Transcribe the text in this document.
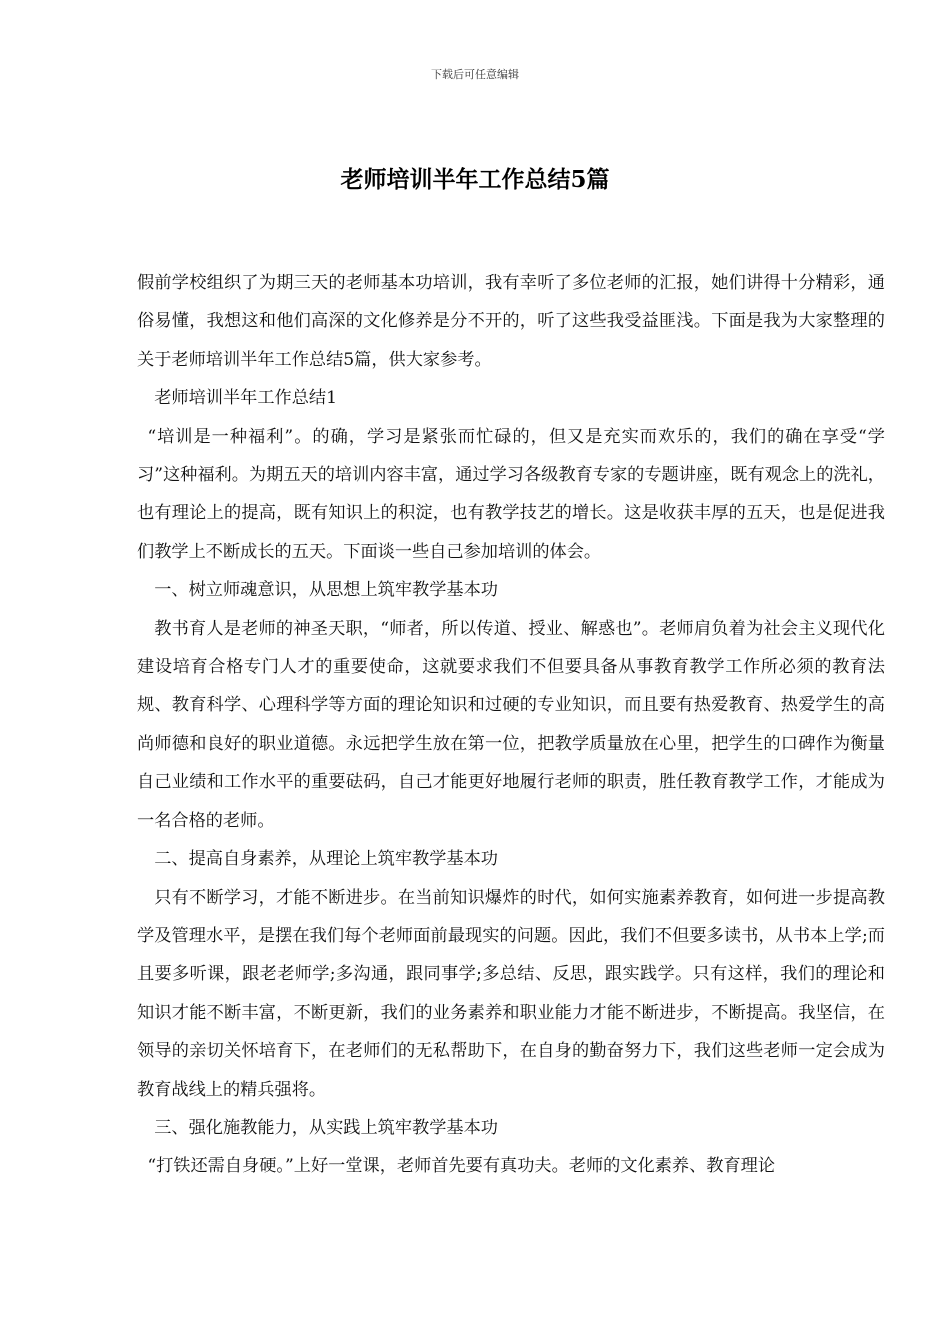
下载后可任意编辑
老师培训半年工作总结5篇

假前学校组织了为期三天的老师基本功培训，我有幸听了多位老师的汇报，她们讲得十分精彩，通俗易懂，我想这和他们高深的文化修养是分不开的，听了这些我受益匪浅。下面是我为大家整理的关于老师培训半年工作总结5篇，供大家参考。

老师培训半年工作总结1

“培训是一种福利”。的确，学习是紧张而忙碌的，但又是充实而欢乐的，我们的确在享受“学习”这种福利。为期五天的培训内容丰富，通过学习各级教育专家的专题讲座，既有观念上的洗礼，也有理论上的提高，既有知识上的积淀，也有教学技艺的增长。这是收获丰厚的五天，也是促进我们教学上不断成长的五天。下面谈一些自己参加培训的体会。

一、树立师魂意识，从思想上筑牢教学基本功

教书育人是老师的神圣天职，“师者，所以传道、授业、解惑也”。老师肩负着为社会主义现代化建设培育合格专门人才的重要使命，这就要求我们不但要具备从事教育教学工作所必须的教育法规、教育科学、心理科学等方面的理论知识和过硬的专业知识，而且要有热爱教育、热爱学生的高尚师德和良好的职业道德。永远把学生放在第一位，把教学质量放在心里，把学生的口碑作为衡量自己业绩和工作水平的重要砝码，自己才能更好地履行老师的职责，胜任教育教学工作，才能成为一名合格的老师。

二、提高自身素养，从理论上筑牢教学基本功

只有不断学习，才能不断进步。在当前知识爆炸的时代，如何实施素养教育，如何进一步提高教学及管理水平，是摆在我们每个老师面前最现实的问题。因此，我们不但要多读书，从书本上学;而且要多听课，跟老老师学;多沟通，跟同事学;多总结、反思，跟实践学。只有这样，我们的理论和知识才能不断丰富，不断更新，我们的业务素养和职业能力才能不断进步，不断提高。我坚信，在领导的亲切关怀培育下，在老师们的无私帮助下，在自身的勤奋努力下，我们这些老师一定会成为教育战线上的精兵强将。

三、强化施教能力，从实践上筑牢教学基本功

“打铁还需自身硬。”上好一堂课，老师首先要有真功夫。老师的文化素养、教育理论
